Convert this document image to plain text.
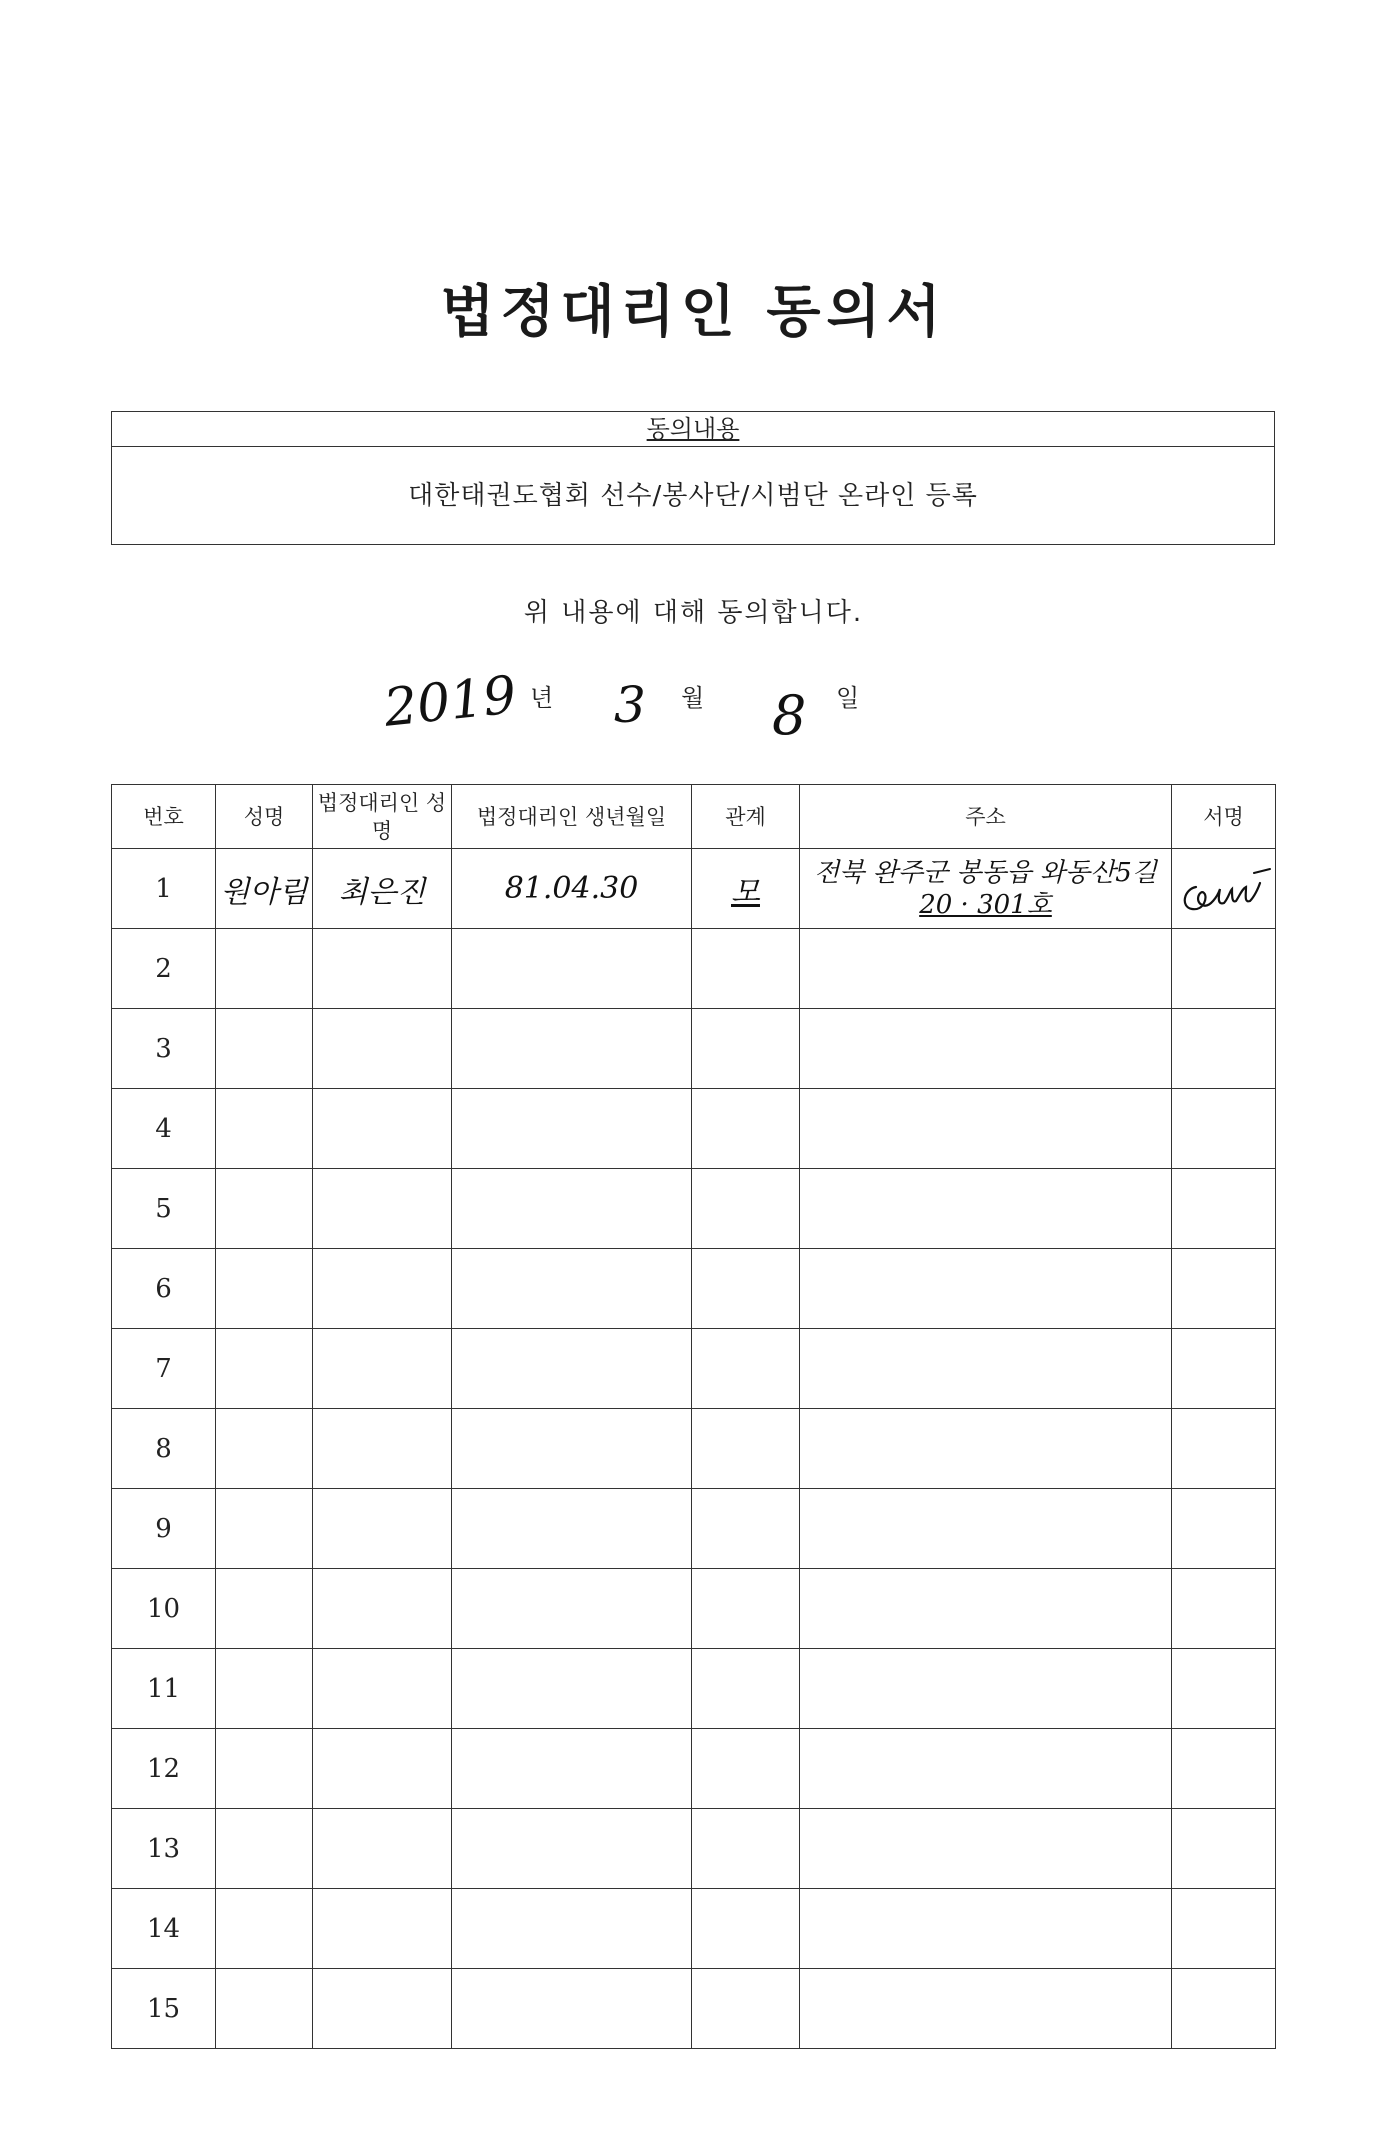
법정대리인 동의서
동의내용
대한태권도협회 선수/봉사단/시범단 온라인 등록
위 내용에 대해 동의합니다.
2019 년 3 월 8 일
번호	성명	법정대리인 성명	법정대리인 생년월일	관계	주소	서명
1	원아림	최은진	81.04.30	모	전북 완주군 봉동읍 와동산5길
20 · 301호

2						
3						
4						
5						
6						
7						
8						
9						
10						
11						
12						
13						
14						
15						
